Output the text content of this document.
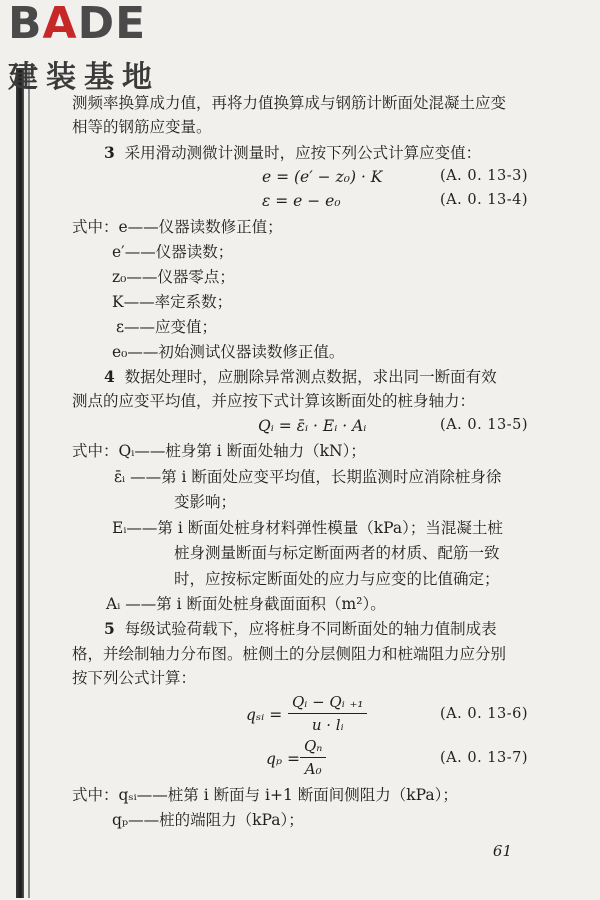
BADE
建装基地
测频率换算成力值，再将力值换算成与钢筋计断面处混凝土应变
相等的钢筋应变量。
3 采用滑动测微计测量时，应按下列公式计算应变值：
e = (e′ − z₀) · K	(A. 0. 13-3)
ε = e − e₀	(A. 0. 13-4)
式中：e——仪器读数修正值；
e′——仪器读数；
z₀——仪器零点；
K——率定系数；
ε——应变值；
e₀——初始测试仪器读数修正值。
4 数据处理时，应删除异常测点数据，求出同一断面有效
测点的应变平均值，并应按下式计算该断面处的桩身轴力：
Qᵢ = ε̄ᵢ · Eᵢ · Aᵢ	(A. 0. 13-5)
式中：Qᵢ——桩身第 i 断面处轴力（kN）；
ε̄ᵢ ——第 i 断面处应变平均值，长期监测时应消除桩身徐
变影响；
Eᵢ——第 i 断面处桩身材料弹性模量（kPa）；当混凝土桩
桩身测量断面与标定断面两者的材质、配筋一致
时，应按标定断面处的应力与应变的比值确定；
Aᵢ ——第 i 断面处桩身截面面积（m²）。
5 每级试验荷载下，应将桩身不同断面处的轴力值制成表
格，并绘制轴力分布图。桩侧土的分层侧阻力和桩端阻力应分别
按下列公式计算：
qₛᵢ = $\frac{\text{Qᵢ − Qᵢ ₊₁}}{\text{u · lᵢ}}$	(A. 0. 13-6)
$q_p = \frac{\text{Qₙ}}{\text{A₀}}$	(A. 0. 13-7)
式中：qₛᵢ——桩第 i 断面与 i+1 断面间侧阻力（kPa）；
qₚ——桩的端阻力（kPa）；
61
